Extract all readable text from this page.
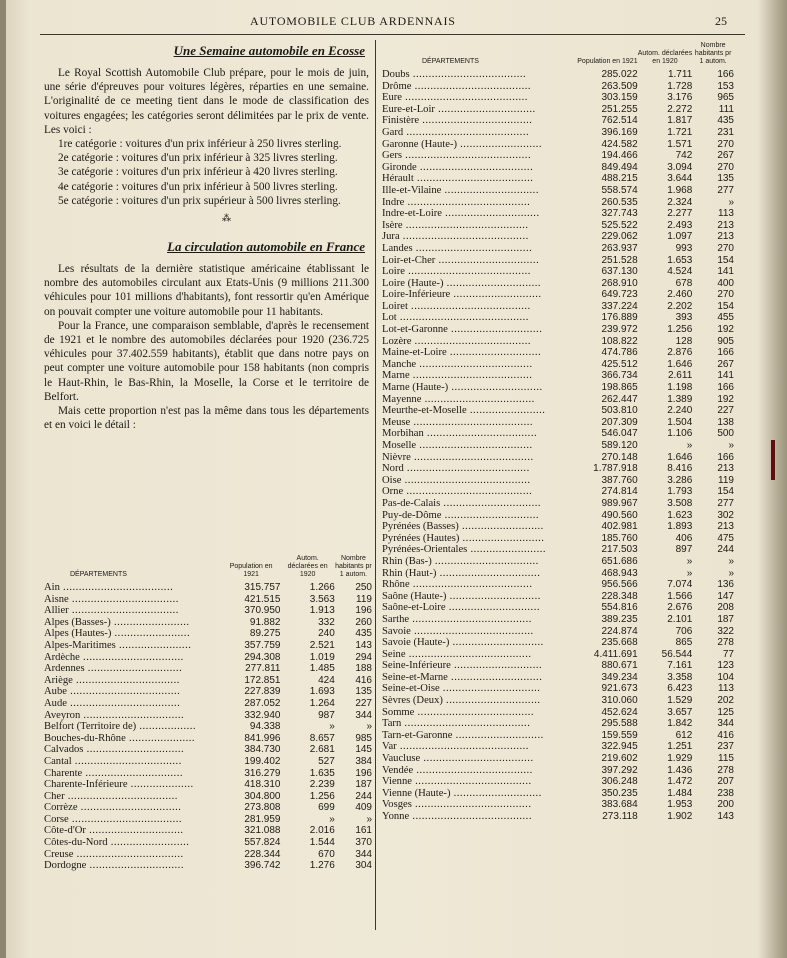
AUTOMOBILE CLUB ARDENNAIS	25

Une Semaine automobile en Ecosse

Le Royal Scottish Automobile Club prépare, pour le mois de juin, une série d'épreuves pour voitures légères, réparties en une semaine. L'originalité de ce meeting tient dans le mode de classification des voitures engagées; les catégories seront délimitées par le prix de vente. Les voici :

1re catégorie : voitures d'un prix inférieur à 250 livres sterling.

2e catégorie : voitures d'un prix inférieur à 325 livres sterling.

3e catégorie : voitures d'un prix inférieur à 420 livres sterling.

4e catégorie : voitures d'un prix inférieur à 500 livres sterling.

5e catégorie : voitures d'un prix supérieur à 500 livres sterling.

⁂

La circulation automobile en France

Les résultats de la dernière statistique américaine établissant le nombre des automobiles circulant aux Etats-Unis (9 millions 211.300 véhicules pour 101 millions d'habitants), font ressortir qu'en Amérique on pouvait compter une voiture automobile pour 11 habitants.

Pour la France, une comparaison semblable, d'après le recensement de 1921 et le nombre des automobiles déclarées pour 1920 (236.725 véhicules pour 37.402.559 habitants), établit que dans notre pays on peut compter une voiture automobile pour 158 habitants (non compris le Haut-Rhin, le Bas-Rhin, la Moselle, la Corse et le territoire de Belfort.

Mais cette proportion n'est pas la même dans tous les départements et en voici le détail :

DÉPARTEMENTS	Population en 1921	Autom. déclarées en 1920	Nombre habitants pr 1 autom.
Ain ...................................	315.757	1.266	250
Aisne ..................................	421.515	3.563	119
Allier ..................................	370.950	1.913	196
Alpes (Basses-) ........................	91.882	332	260
Alpes (Hautes-) ........................	89.275	240	435
Alpes-Maritimes .......................	357.759	2.521	143
Ardèche ................................	294.308	1.019	294
Ardennes ..............................	277.811	1.485	188
Ariège .................................	172.851	424	416
Aube ...................................	227.839	1.693	135
Aude ...................................	287.052	1.264	227
Aveyron ................................	332.940	987	344
Belfort (Territoire de) ..................	94.338	»	»
Bouches-du-Rhône .....................	841.996	8.657	985
Calvados ...............................	384.730	2.681	145
Cantal ..................................	199.402	527	384
Charente ...............................	316.279	1.635	196
Charente-Inférieure ....................	418.310	2.239	187
Cher ...................................	304.800	1.256	244
Corrèze ................................	273.808	699	409
Corse ...................................	281.959	»	»
Côte-d'Or ..............................	321.088	2.016	161
Côtes-du-Nord .........................	557.824	1.544	370
Creuse ..................................	228.344	670	344
Dordogne ..............................	396.742	1.276	304
DÉPARTEMENTS	Population en 1921	Autom. déclarées en 1920	Nombre habitants pr 1 autom.
Doubs ....................................	285.022	1.711	166
Drôme .....................................	263.509	1.728	153
Eure .......................................	303.159	3.176	965
Eure-et-Loir ...............................	251.255	2.272	111
Finistère ...................................	762.514	1.817	435
Gard .......................................	396.169	1.721	231
Garonne (Haute-) ..........................	424.582	1.571	270
Gers ........................................	194.466	742	267
Gironde ....................................	849.494	3.094	270
Hérault .....................................	488.215	3.644	135
Ille-et-Vilaine ..............................	558.574	1.968	277
Indre .......................................	260.535	2.324	»
Indre-et-Loire ..............................	327.743	2.277	113
Isère .......................................	525.522	2.493	213
Jura ........................................	229.062	1.097	213
Landes .....................................	263.937	993	270
Loir-et-Cher ................................	251.528	1.653	154
Loire .......................................	637.130	4.524	141
Loire (Haute-) ..............................	268.910	678	400
Loire-Inférieure ............................	649.723	2.460	270
Loiret ......................................	337.224	2.202	154
Lot .........................................	176.889	393	455
Lot-et-Garonne .............................	239.972	1.256	192
Lozère .....................................	108.822	128	905
Maine-et-Loire .............................	474.786	2.876	166
Manche ....................................	425.512	1.646	267
Marne ......................................	366.734	2.611	141
Marne (Haute-) .............................	198.865	1.198	166
Mayenne ...................................	262.447	1.389	192
Meurthe-et-Moselle ........................	503.810	2.240	227
Meuse ......................................	207.309	1.504	138
Morbihan ...................................	546.047	1.106	500
Moselle ....................................	589.120	»	»
Nièvre ......................................	270.148	1.646	166
Nord .......................................	1.787.918	8.416	213
Oise ........................................	387.760	3.286	119
Orne ........................................	274.814	1.793	154
Pas-de-Calais ...............................	989.967	3.508	277
Puy-de-Dôme ..............................	490.560	1.623	302
Pyrénées (Basses) ..........................	402.981	1.893	213
Pyrénées (Hautes) ..........................	185.760	406	475
Pyrénées-Orientales ........................	217.503	897	244
Rhin (Bas-) .................................	651.686	»	»
Rhin (Haut-) ................................	468.943	»	»
Rhône ......................................	956.566	7.074	136
Saône (Haute-) .............................	228.348	1.566	147
Saône-et-Loire .............................	554.816	2.676	208
Sarthe ......................................	389.235	2.101	187
Savoie ......................................	224.874	706	322
Savoie (Haute-) .............................	235.668	865	278
Seine .......................................	4.411.691	56.544	77
Seine-Inférieure ............................	880.671	7.161	123
Seine-et-Marne .............................	349.234	3.358	104
Seine-et-Oise ...............................	921.673	6.423	113
Sèvres (Deux) ..............................	310.060	1.529	202
Somme .....................................	452.624	3.657	125
Tarn ........................................	295.588	1.842	344
Tarn-et-Garonne ............................	159.559	612	416
Var .........................................	322.945	1.251	237
Vaucluse ...................................	219.602	1.929	115
Vendée .....................................	397.292	1.436	278
Vienne .....................................	306.248	1.472	207
Vienne (Haute-) ............................	350.235	1.484	238
Vosges .....................................	383.684	1.953	200
Yonne ......................................	273.118	1.902	143
